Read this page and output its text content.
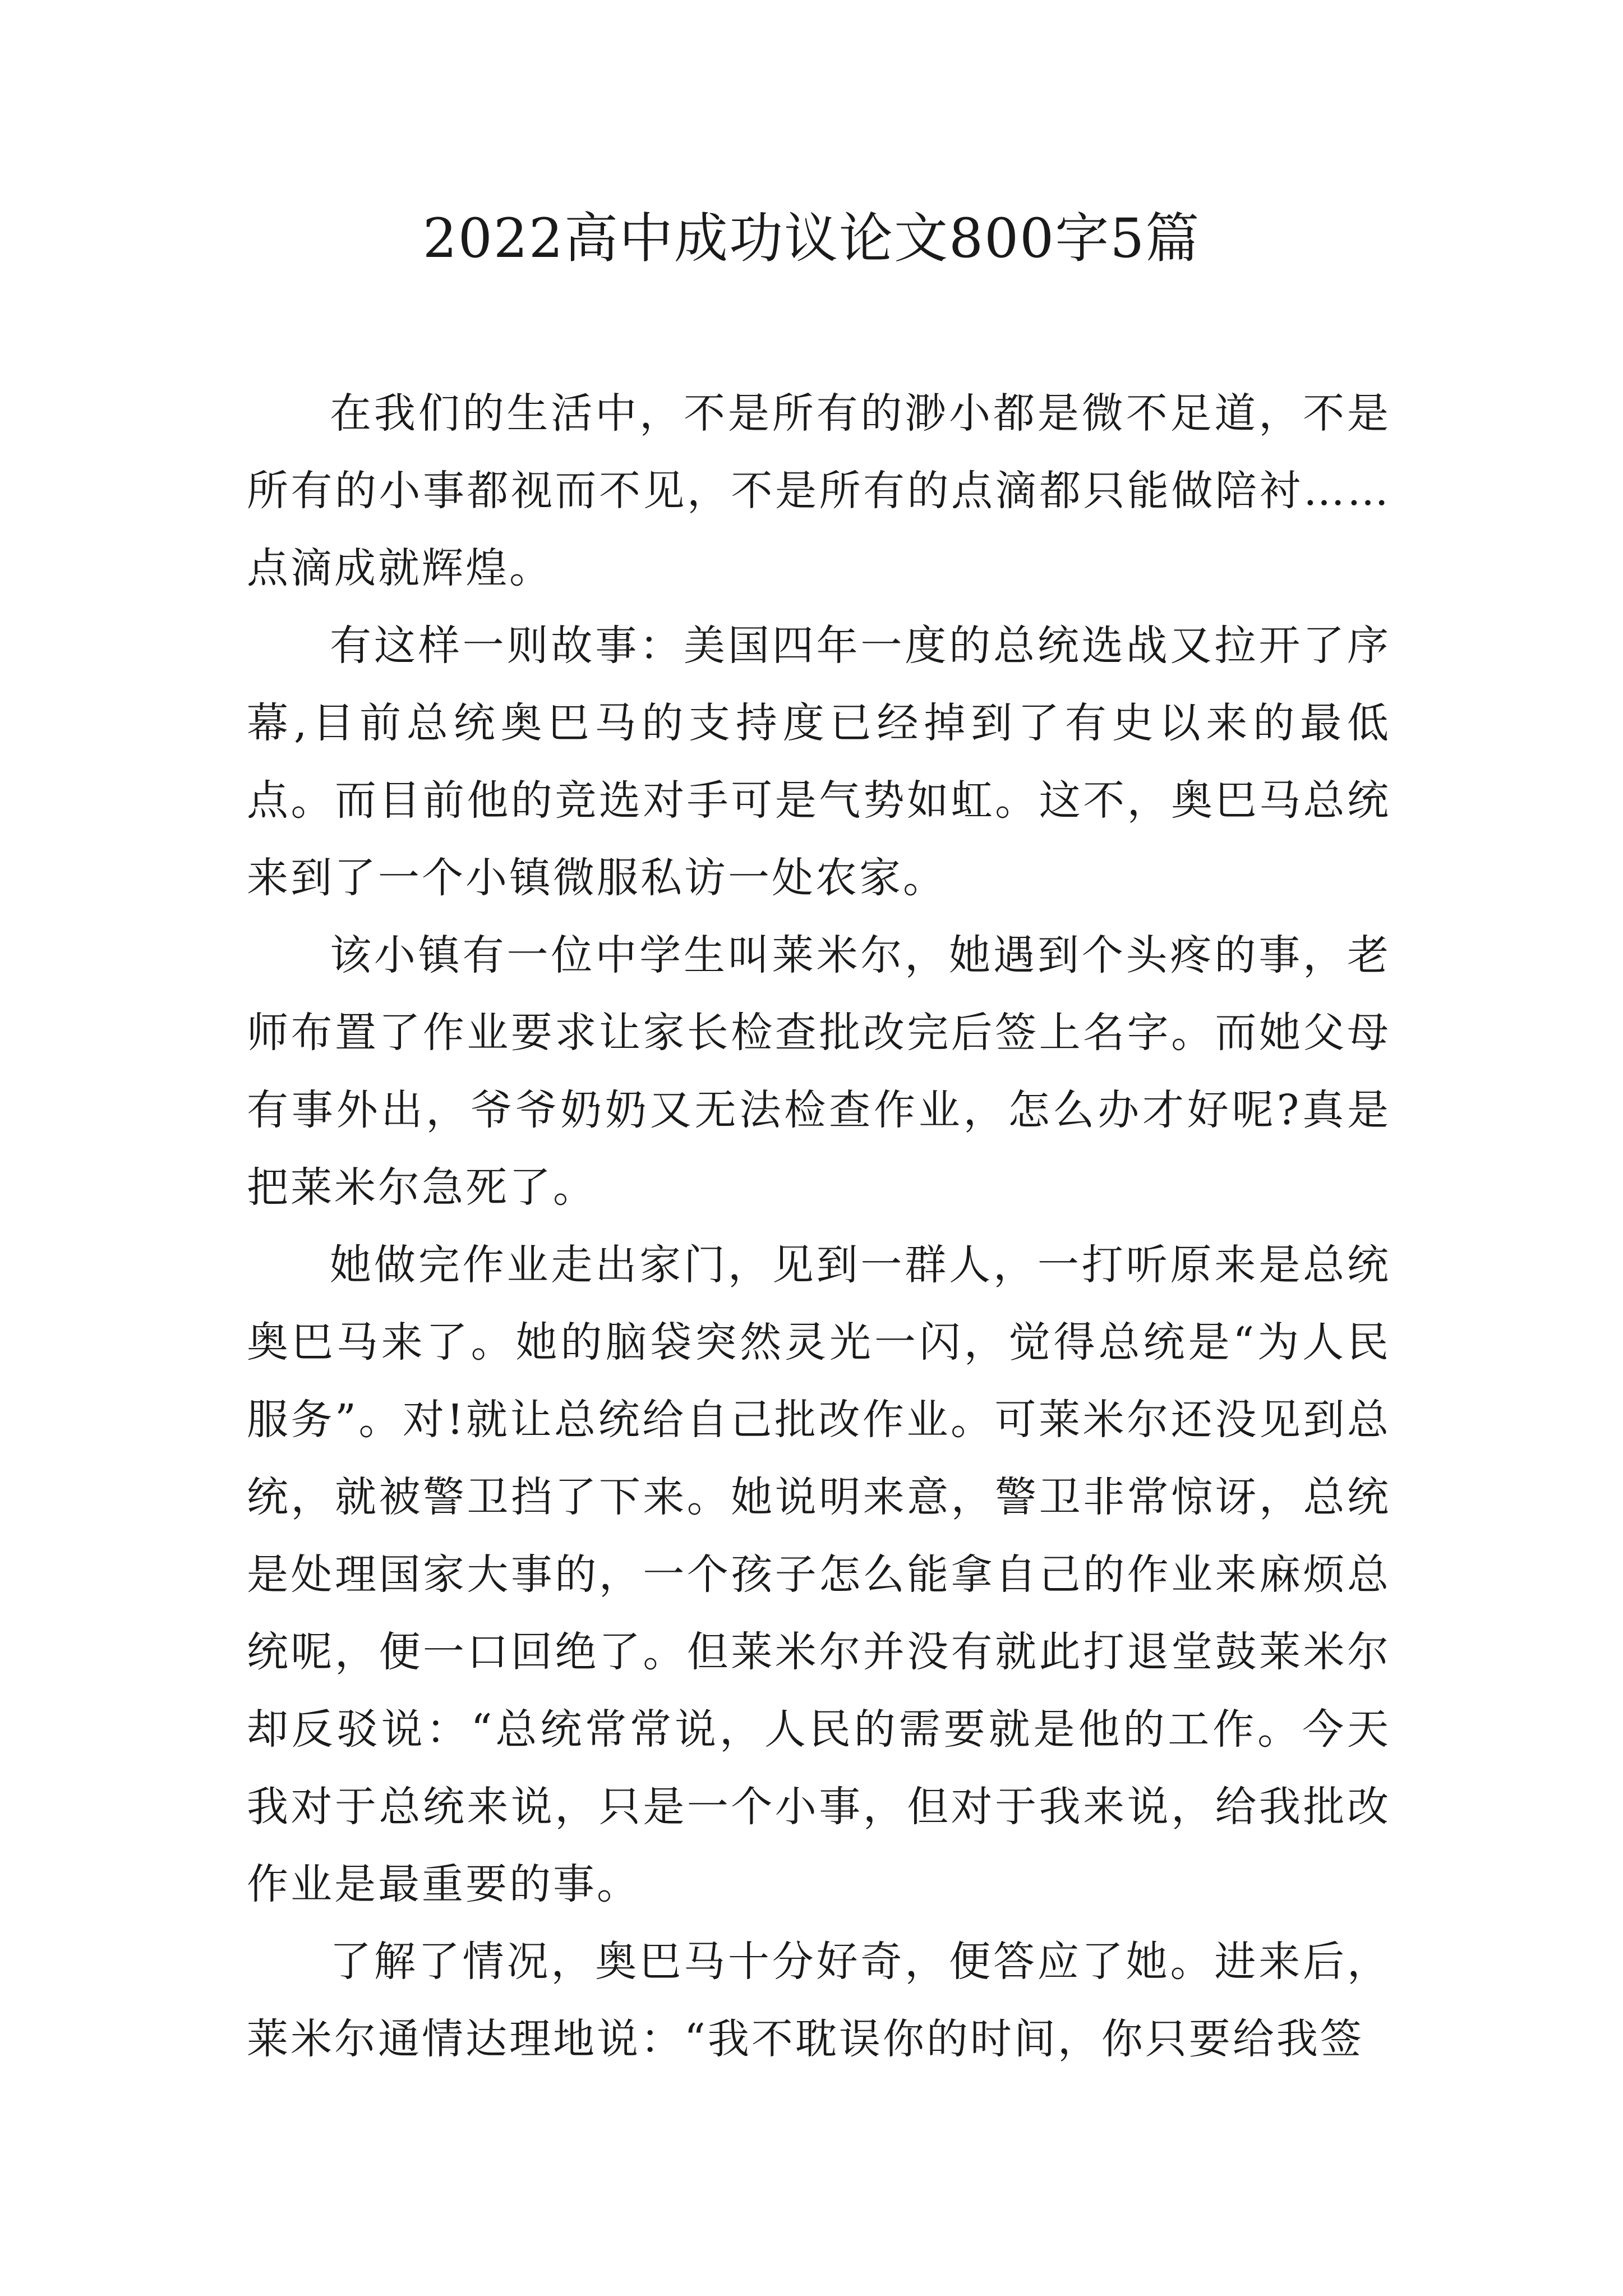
2022高中成功议论文800字5篇

在我们的生活中，不是所有的渺小都是微不足道，不是所有的小事都视而不见，不是所有的点滴都只能做陪衬……点滴成就辉煌。

有这样一则故事：美国四年一度的总统选战又拉开了序幕,目前总统奥巴马的支持度已经掉到了有史以来的最低点。而目前他的竞选对手可是气势如虹。这不，奥巴马总统来到了一个小镇微服私访一处农家。

该小镇有一位中学生叫莱米尔，她遇到个头疼的事，老师布置了作业要求让家长检查批改完后签上名字。而她父母有事外出，爷爷奶奶又无法检查作业，怎么办才好呢?真是把莱米尔急死了。

她做完作业走出家门，见到一群人，一打听原来是总统奥巴马来了。她的脑袋突然灵光一闪，觉得总统是“为人民服务”。对!就让总统给自己批改作业。可莱米尔还没见到总统，就被警卫挡了下来。她说明来意，警卫非常惊讶，总统是处理国家大事的，一个孩子怎么能拿自己的作业来麻烦总统呢，便一口回绝了。但莱米尔并没有就此打退堂鼓莱米尔却反驳说：“总统常常说，人民的需要就是他的工作。今天我对于总统来说，只是一个小事，但对于我来说，给我批改作业是最重要的事。

了解了情况，奥巴马十分好奇，便答应了她。进来后，莱米尔通情达理地说：“我不耽误你的时间，你只要给我签
